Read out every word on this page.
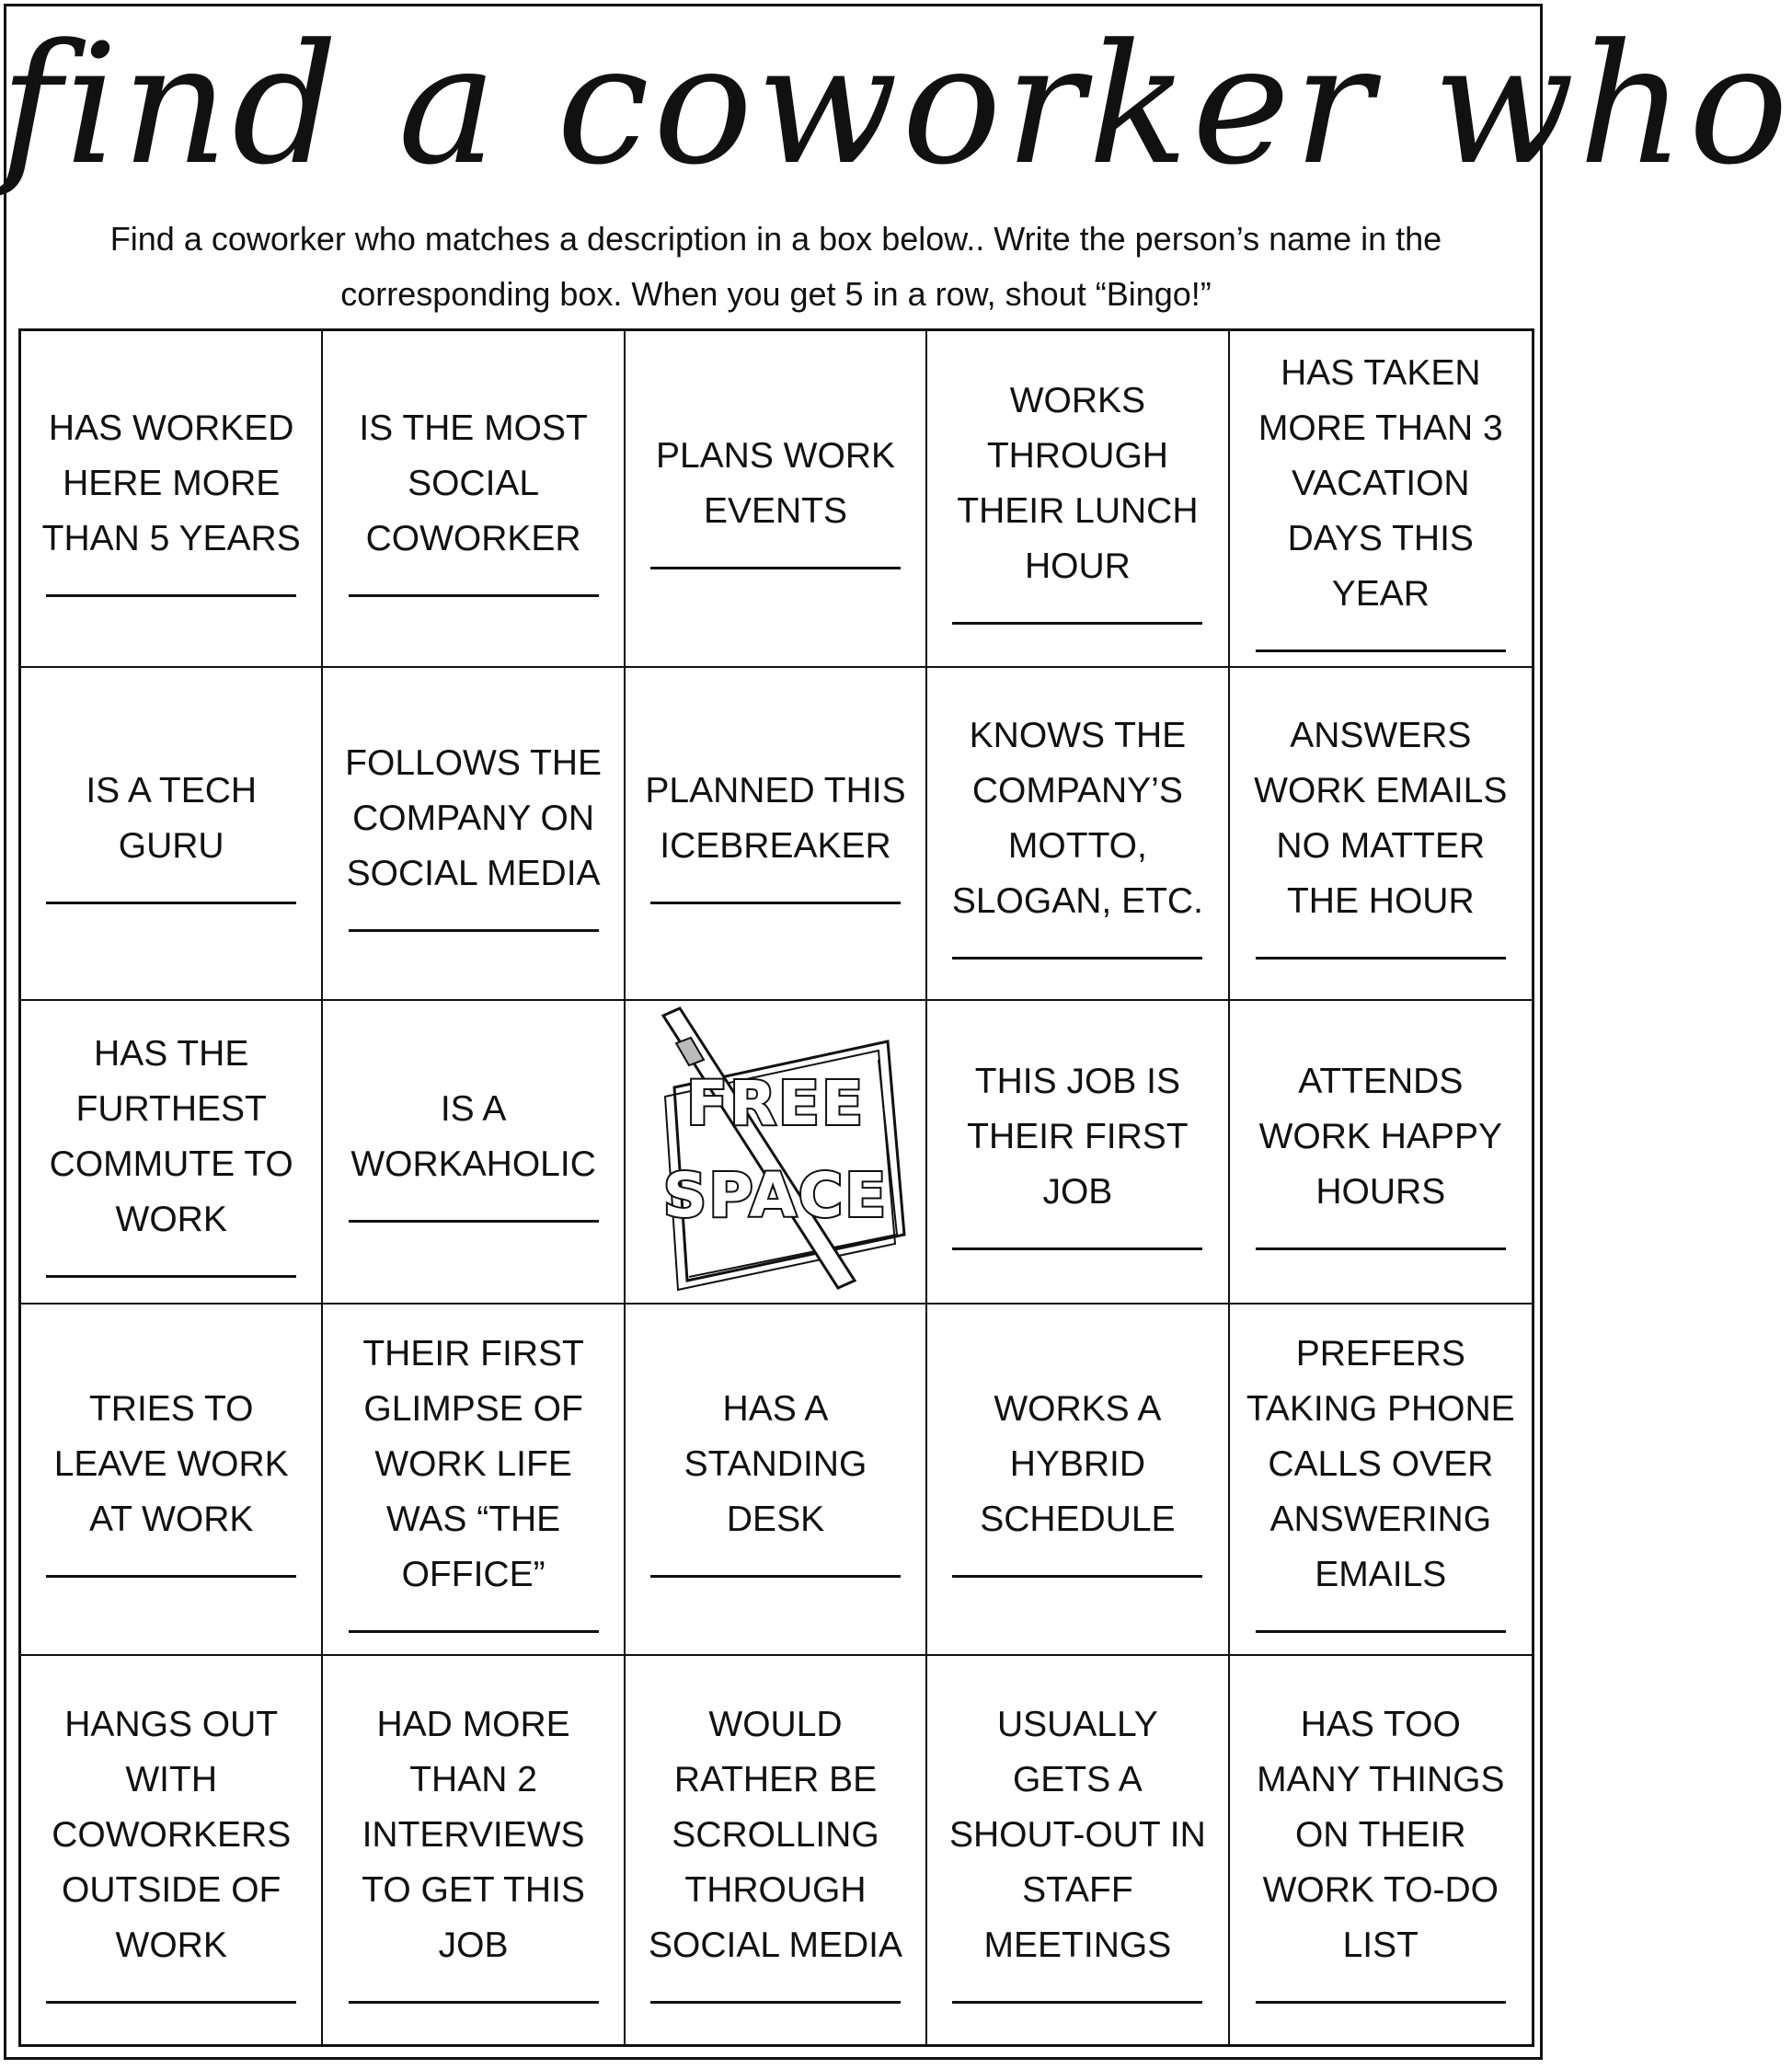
find a coworker who
Find a coworker who matches a description in a box below.. Write the person’s name in the corresponding box. When you get 5 in a row, shout “Bingo!”
HAS WORKED HERE MORE THAN 5 YEARS
IS THE MOST SOCIAL COWORKER
PLANS WORK EVENTS
WORKS THROUGH THEIR LUNCH HOUR
HAS TAKEN MORE THAN 3 VACATION DAYS THIS YEAR
IS A TECH GURU
FOLLOWS THE COMPANY ON SOCIAL MEDIA
PLANNED THIS ICEBREAKER
KNOWS THE COMPANY’S MOTTO, SLOGAN, ETC.
ANSWERS WORK EMAILS NO MATTER THE HOUR
HAS THE FURTHEST COMMUTE TO WORK
IS A WORKAHOLIC
FREE
SPACE
THIS JOB IS THEIR FIRST JOB
ATTENDS WORK HAPPY HOURS
TRIES TO LEAVE WORK AT WORK
THEIR FIRST GLIMPSE OF WORK LIFE WAS “THE OFFICE”
HAS A STANDING DESK
WORKS A HYBRID SCHEDULE
PREFERS TAKING PHONE CALLS OVER ANSWERING EMAILS
HANGS OUT WITH COWORKERS OUTSIDE OF WORK
HAD MORE THAN 2 INTERVIEWS TO GET THIS JOB
WOULD RATHER BE SCROLLING THROUGH SOCIAL MEDIA
USUALLY GETS A SHOUT-OUT IN STAFF MEETINGS
HAS TOO MANY THINGS ON THEIR WORK TO-DO LIST
